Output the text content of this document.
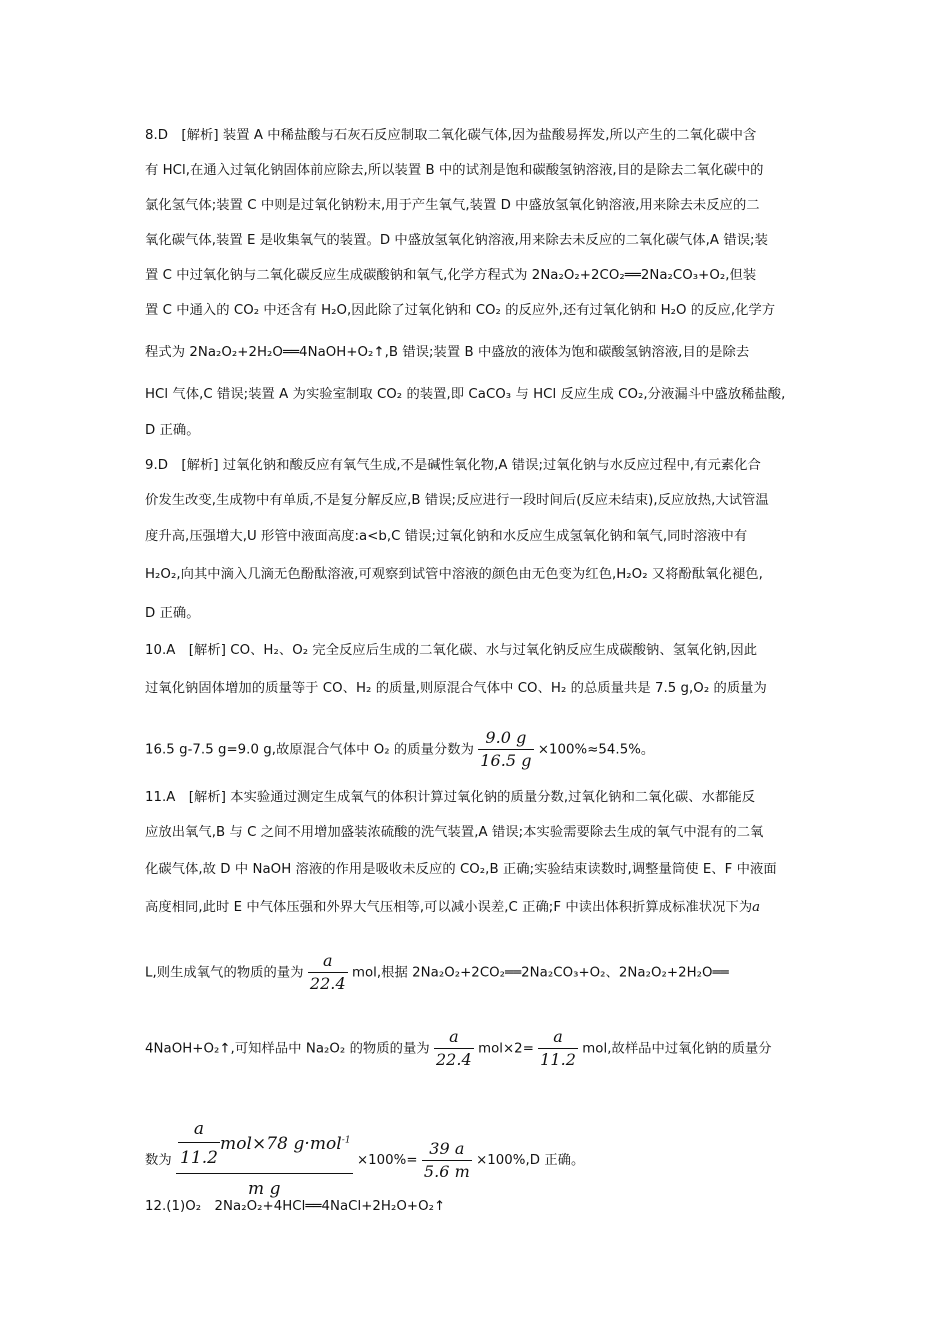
8.D　[解析] 装置 A 中稀盐酸与石灰石反应制取二氧化碳气体,因为盐酸易挥发,所以产生的二氧化碳中含
有 HCl,在通入过氧化钠固体前应除去,所以装置 B 中的试剂是饱和碳酸氢钠溶液,目的是除去二氧化碳中的
氯化氢气体;装置 C 中则是过氧化钠粉末,用于产生氧气,装置 D 中盛放氢氧化钠溶液,用来除去未反应的二
氧化碳气体,装置 E 是收集氧气的装置。D 中盛放氢氧化钠溶液,用来除去未反应的二氧化碳气体,A 错误;装
置 C 中过氧化钠与二氧化碳反应生成碳酸钠和氧气,化学方程式为 2Na₂O₂+2CO₂══2Na₂CO₃+O₂,但装
置 C 中通入的 CO₂ 中还含有 H₂O,因此除了过氧化钠和 CO₂ 的反应外,还有过氧化钠和 H₂O 的反应,化学方
程式为 2Na₂O₂+2H₂O══4NaOH+O₂↑,B 错误;装置 B 中盛放的液体为饱和碳酸氢钠溶液,目的是除去
HCl 气体,C 错误;装置 A 为实验室制取 CO₂ 的装置,即 CaCO₃ 与 HCl 反应生成 CO₂,分液漏斗中盛放稀盐酸,
D 正确。
9.D　[解析] 过氧化钠和酸反应有氧气生成,不是碱性氧化物,A 错误;过氧化钠与水反应过程中,有元素化合
价发生改变,生成物中有单质,不是复分解反应,B 错误;反应进行一段时间后(反应未结束),反应放热,大试管温
度升高,压强增大,U 形管中液面高度:a<b,C 错误;过氧化钠和水反应生成氢氧化钠和氧气,同时溶液中有
H₂O₂,向其中滴入几滴无色酚酞溶液,可观察到试管中溶液的颜色由无色变为红色,H₂O₂ 又将酚酞氧化褪色,
D 正确。
10.A　[解析] CO、H₂、O₂ 完全反应后生成的二氧化碳、水与过氧化钠反应生成碳酸钠、氢氧化钠,因此
过氧化钠固体增加的质量等于 CO、H₂ 的质量,则原混合气体中 CO、H₂ 的总质量共是 7.5 g,O₂ 的质量为
16.5 g-7.5 g=9.0 g,故原混合气体中 O₂ 的质量分数为 $\frac{9.0 g}{16.5 g} \times 100\%\approx 54.5\%$。
11.A　[解析] 本实验通过测定生成氧气的体积计算过氧化钠的质量分数,过氧化钠和二氧化碳、水都能反
应放出氧气,B 与 C 之间不用增加盛装浓硫酸的洗气装置,A 错误;本实验需要除去生成的氧气中混有的二氧
化碳气体,故 D 中 NaOH 溶液的作用是吸收未反应的 CO₂,B 正确;实验结束读数时,调整量筒使 E、F 中液面
高度相同,此时 E 中气体压强和外界大气压相等,可以减小误差,C 正确;F 中读出体积折算成标准状况下为a
L,则生成氧气的物质的量为 $\frac{a}{22.4}$ mol,根据 2Na₂O₂+2CO₂══2Na₂CO₃+O₂、2Na₂O₂+2H₂O══
4NaOH+O₂↑,可知样品中 Na₂O₂ 的物质的量为 $\frac{a}{22.4} mol\times 2= \frac{a}{11.2}$ mol,故样品中过氧化钠的质量分
数为 $\frac{\frac{a}{11.2} mol\times 78 g\cdot mol^{-1}}{\text{m g}} \times 100\%= \frac{39 a}{5.6 m} \times 100\%,D$ 正确。
12.(1)O₂　2Na₂O₂+4HCl══4NaCl+2H₂O+O₂↑
